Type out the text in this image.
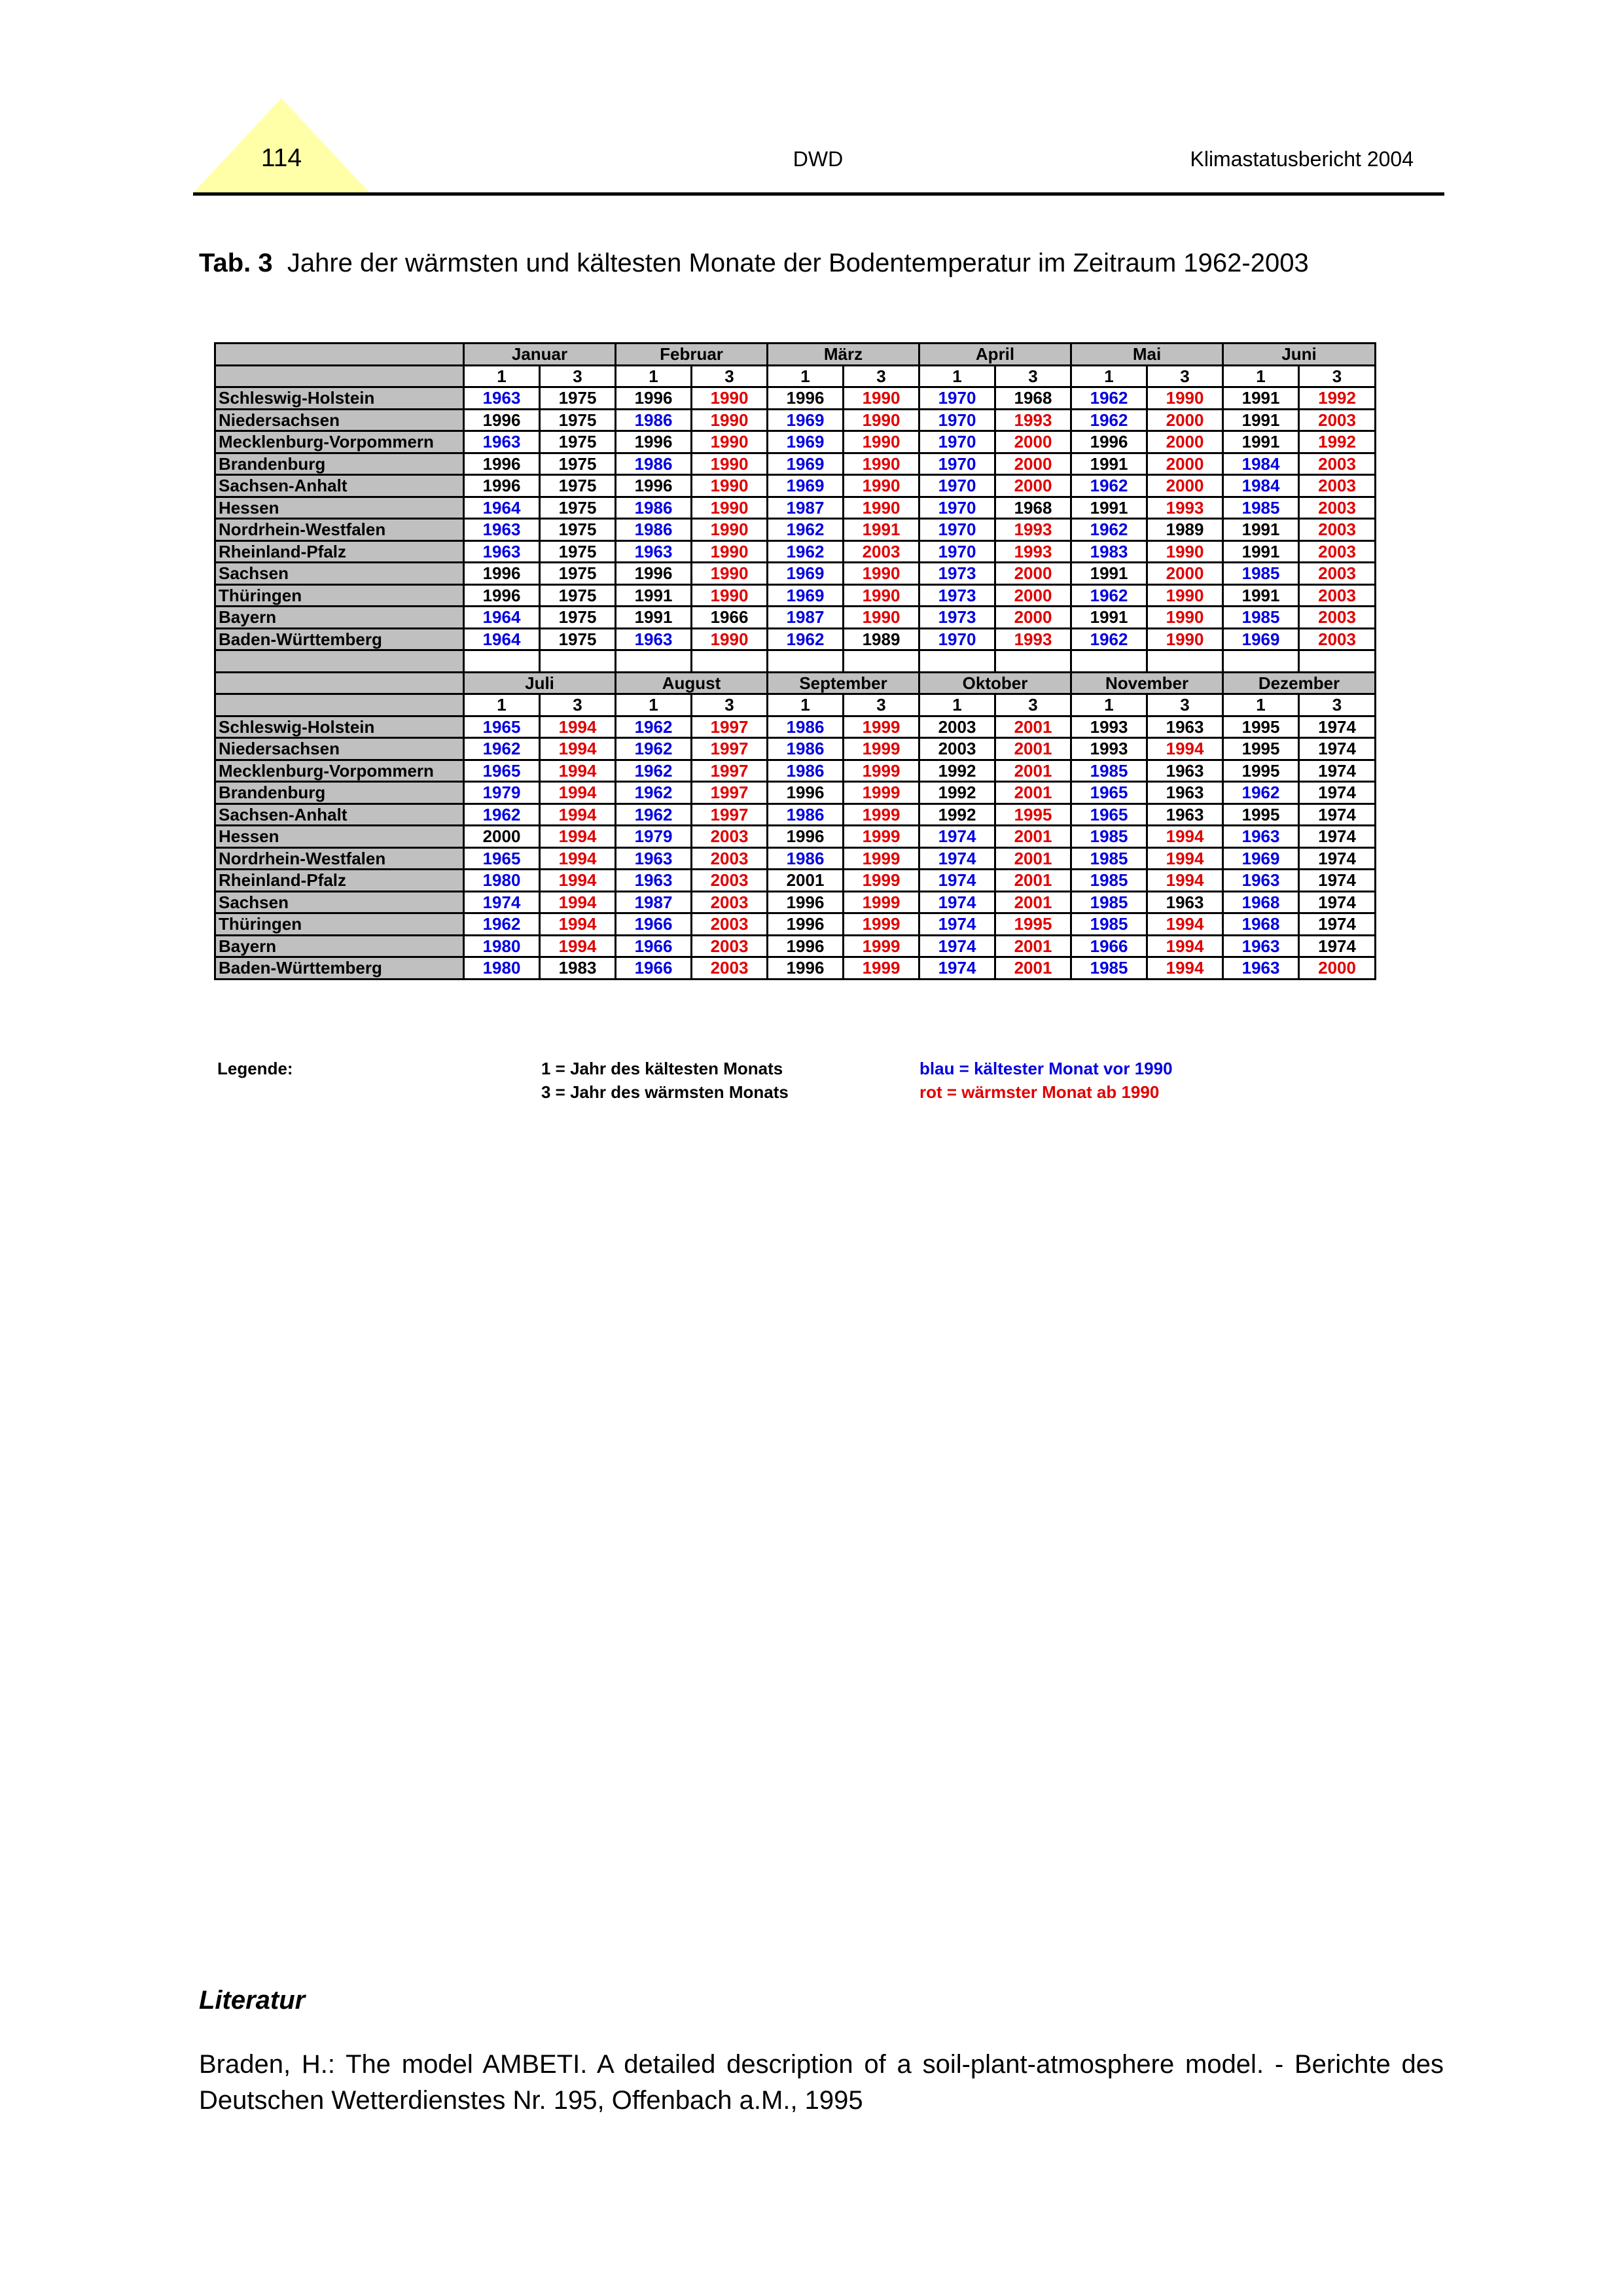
114	DWD	Klimastatusbericht 2004
Tab. 3 Jahre der wärmsten und kältesten Monate der Bodentemperatur im Zeitraum 1962-2003
	Januar		Februar		März		April		Mai		Juni	
	1	3	1	3	1	3	1	3	1	3	1	3
Schleswig-Holstein	1963	1975	1996	1990	1996	1990	1970	1968	1962	1990	1991	1992
Niedersachsen	1996	1975	1986	1990	1969	1990	1970	1993	1962	2000	1991	2003
Mecklenburg-Vorpommern	1963	1975	1996	1990	1969	1990	1970	2000	1996	2000	1991	1992
Brandenburg	1996	1975	1986	1990	1969	1990	1970	2000	1991	2000	1984	2003
Sachsen-Anhalt	1996	1975	1996	1990	1969	1990	1970	2000	1962	2000	1984	2003
Hessen	1964	1975	1986	1990	1987	1990	1970	1968	1991	1993	1985	2003
Nordrhein-Westfalen	1963	1975	1986	1990	1962	1991	1970	1993	1962	1989	1991	2003
Rheinland-Pfalz	1963	1975	1963	1990	1962	2003	1970	1993	1983	1990	1991	2003
Sachsen	1996	1975	1996	1990	1969	1990	1973	2000	1991	2000	1985	2003
Thüringen	1996	1975	1991	1990	1969	1990	1973	2000	1962	1990	1991	2003
Bayern	1964	1975	1991	1966	1987	1990	1973	2000	1991	1990	1985	2003
Baden-Württemberg	1964	1975	1963	1990	1962	1989	1970	1993	1962	1990	1969	2003

	Juli		August		September		Oktober		November		Dezember	
	1	3	1	3	1	3	1	3	1	3	1	3
Schleswig-Holstein	1965	1994	1962	1997	1986	1999	2003	2001	1993	1963	1995	1974
Niedersachsen	1962	1994	1962	1997	1986	1999	2003	2001	1993	1994	1995	1974
Mecklenburg-Vorpommern	1965	1994	1962	1997	1986	1999	1992	2001	1985	1963	1995	1974
Brandenburg	1979	1994	1962	1997	1996	1999	1992	2001	1965	1963	1962	1974
Sachsen-Anhalt	1962	1994	1962	1997	1986	1999	1992	1995	1965	1963	1995	1974
Hessen	2000	1994	1979	2003	1996	1999	1974	2001	1985	1994	1963	1974
Nordrhein-Westfalen	1965	1994	1963	2003	1986	1999	1974	2001	1985	1994	1969	1974
Rheinland-Pfalz	1980	1994	1963	2003	2001	1999	1974	2001	1985	1994	1963	1974
Sachsen	1974	1994	1987	2003	1996	1999	1974	2001	1985	1963	1968	1974
Thüringen	1962	1994	1966	2003	1996	1999	1974	1995	1985	1994	1968	1974
Bayern	1980	1994	1966	2003	1996	1999	1974	2001	1966	1994	1963	1974
Baden-Württemberg	1980	1983	1966	2003	1996	1999	1974	2001	1985	1994	1963	2000
Legende:	1 = Jahr des kältesten Monats
3 = Jahr des wärmsten Monats
blau = kältester Monat vor 1990
rot = wärmster Monat ab 1990
Literatur
Braden, H.: The model AMBETI. A detailed description of a soil-plant-atmosphere model. - Berichte des Deutschen Wetterdienstes Nr. 195, Offenbach a.M., 1995
